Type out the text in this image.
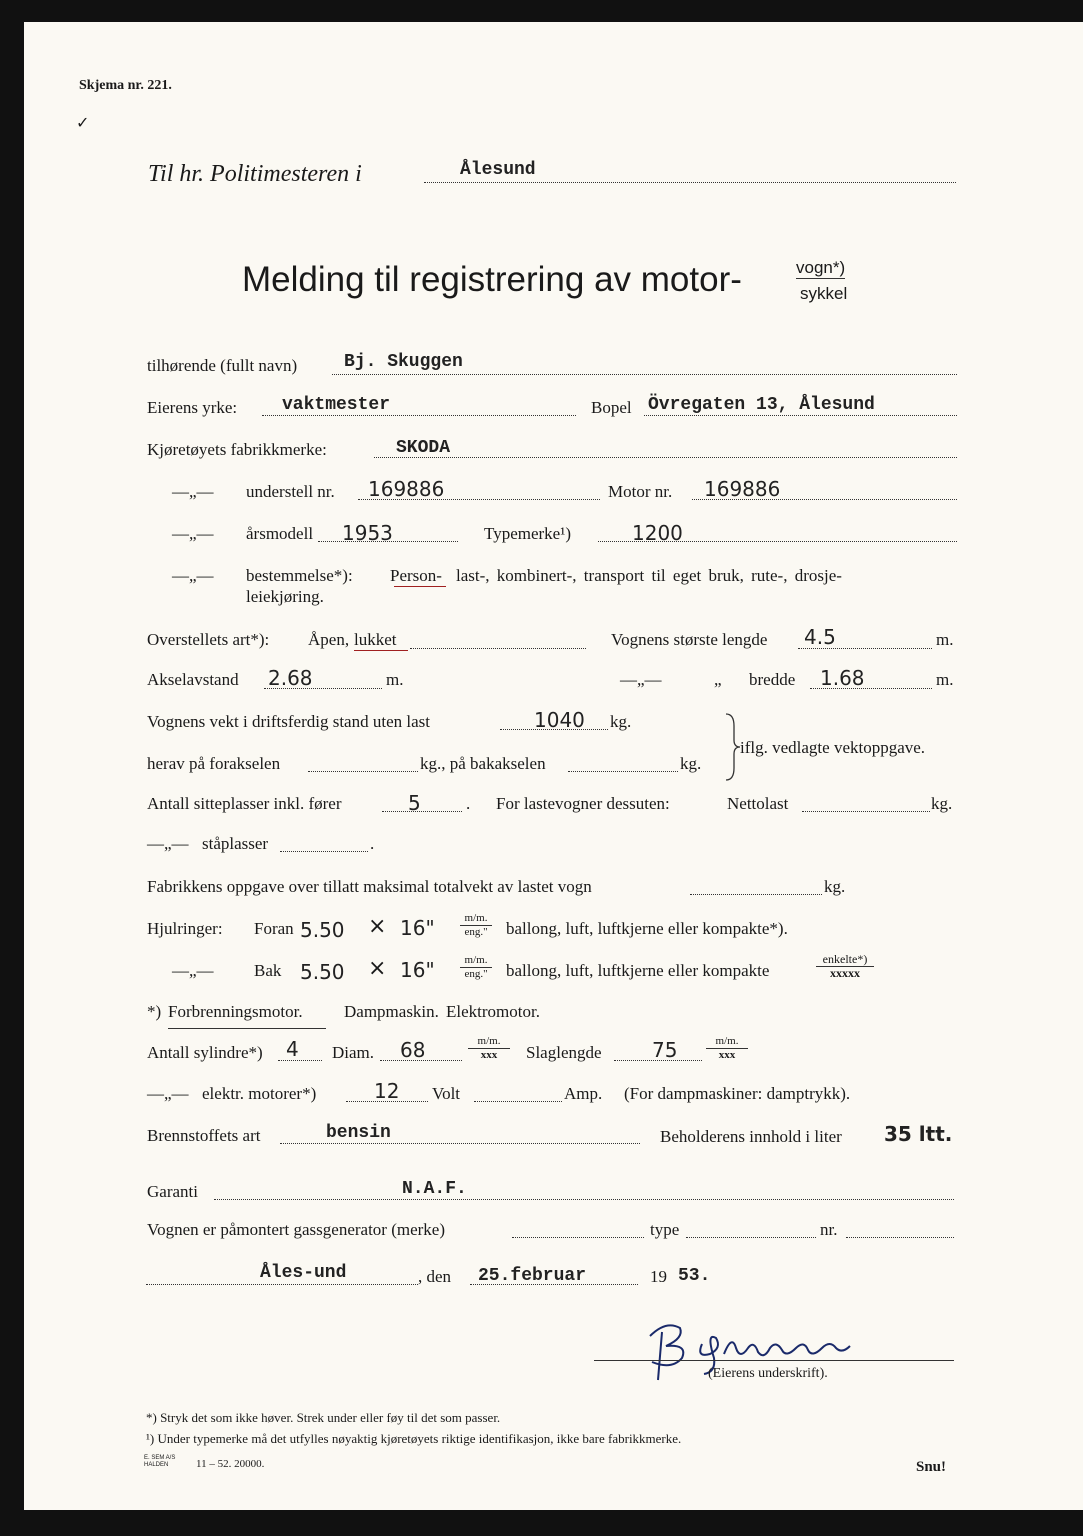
Skjema nr. 221.
✓
Til hr. Politimesteren i	Ålesund
Melding til registrering av motor-	vogn*)
sykkel
tilhørende (fullt navn)	Bj. Skuggen
Eierens yrke: vaktmester	Bopel Övregaten 13, Ålesund
Kjøretøyets fabrikkmerke:	SKODA
—„— understell nr. 169886	Motor nr. 169886
—„— årsmodell 1953	Typemerke¹)	1200
—„— bestemmelse*): Person- last-, kombinert-, transport til eget bruk, rute-, drosje-
leiekjøring.
Overstellets art*): Åpen, lukket	Vognens største lengde 4.5	m.
Akselavstand 2.68	m.	—„—	„ bredde 1.68	m.
Vognens vekt i driftsferdig stand uten last	1040 kg.
herav på forakselen	kg., på bakakselen	kg.
iflg. vedlagte vektoppgave.
Antall sitteplasser inkl. fører	5	. For lastevogner dessuten:	Nettolast	kg.
—„— ståplasser	.
Fabrikkens oppgave over tillatt maksimal totalvekt av lastet vogn	kg.
Hjulringer: Foran 5.50 × 16"	m/m.
eng." ballong, luft, luftkjerne eller kompakte*).
—„— Bak 5.50 × 16"	m/m.
eng." ballong, luft, luftkjerne eller kompakte
enkelte*)
xxxxx
*) Forbrenningsmotor. Dampmaskin. Elektromotor.
Antall sylindre*) 4 Diam. 68	m/m.
xxx	Slaglengde	75	m/m.
xxx
—„— elektr. motorer*)	12 Volt	Amp. (For dampmaskiner: damptrykk).
Brennstoffets art	bensin	Beholderens innhold i liter 35 ltt.
Garanti	N.A.F.
Vognen er påmontert gassgenerator (merke)	type	nr.
Åles-und	, den 25.februar	19 53.
(Eierens underskrift).
*) Stryk det som ikke høver. Strek under eller føy til det som passer.
¹) Under typemerke må det utfylles nøyaktig kjøretøyets riktige identifikasjon, ikke bare fabrikkmerke.
E. SEM A/S
HALDEN	11 – 52. 20000.	Snu!
